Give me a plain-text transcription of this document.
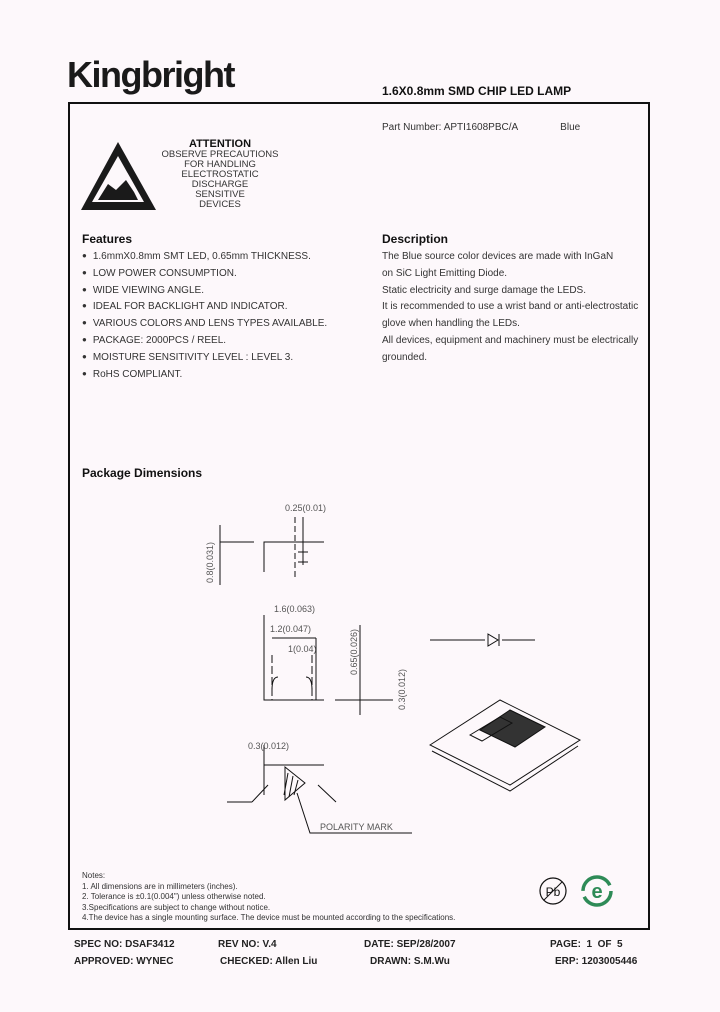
Kingbright	1.6X0.8mm SMD CHIP LED LAMP
Part Number: APTI1608PBC/A	Blue
ATTENTION
OBSERVE PRECAUTIONS
FOR HANDLING
ELECTROSTATIC
DISCHARGE
SENSITIVE
DEVICES
Features
● 1.6mmX0.8mm SMT LED, 0.65mm THICKNESS.
● LOW POWER CONSUMPTION.
● WIDE VIEWING ANGLE.
● IDEAL FOR BACKLIGHT AND INDICATOR.
● VARIOUS COLORS AND LENS TYPES AVAILABLE.
● PACKAGE: 2000PCS / REEL.
● MOISTURE SENSITIVITY LEVEL : LEVEL 3.
● RoHS COMPLIANT.
Description
The Blue source color devices are made with InGaN
on SiC Light Emitting Diode.
Static electricity and surge damage the LEDS.
It is recommended to use a wrist band or anti-electrostatic
glove when handling the LEDs.
All devices, equipment and machinery must be electrically
grounded.
Package Dimensions
0.25(0.01)
0.8(0.031)
1.6(0.063)
1.2(0.047)
1(0.04)	0.65(0.026)
0.3(0.012)
0.3(0.012)
POLARITY MARK
Notes:
1. All dimensions are in millimeters (inches).
2. Tolerance is ±0.1(0.004") unless otherwise noted.
3.Specifications are subject to change without notice.
4.The device has a single mounting surface. The device must be mounted according to the specifications.
Pb e
SPEC NO: DSAF3412	REV NO: V.4	DATE: SEP/28/2007	PAGE:  1  OF  5
APPROVED: WYNEC	CHECKED: Allen Liu	DRAWN: S.M.Wu	ERP: 1203005446
